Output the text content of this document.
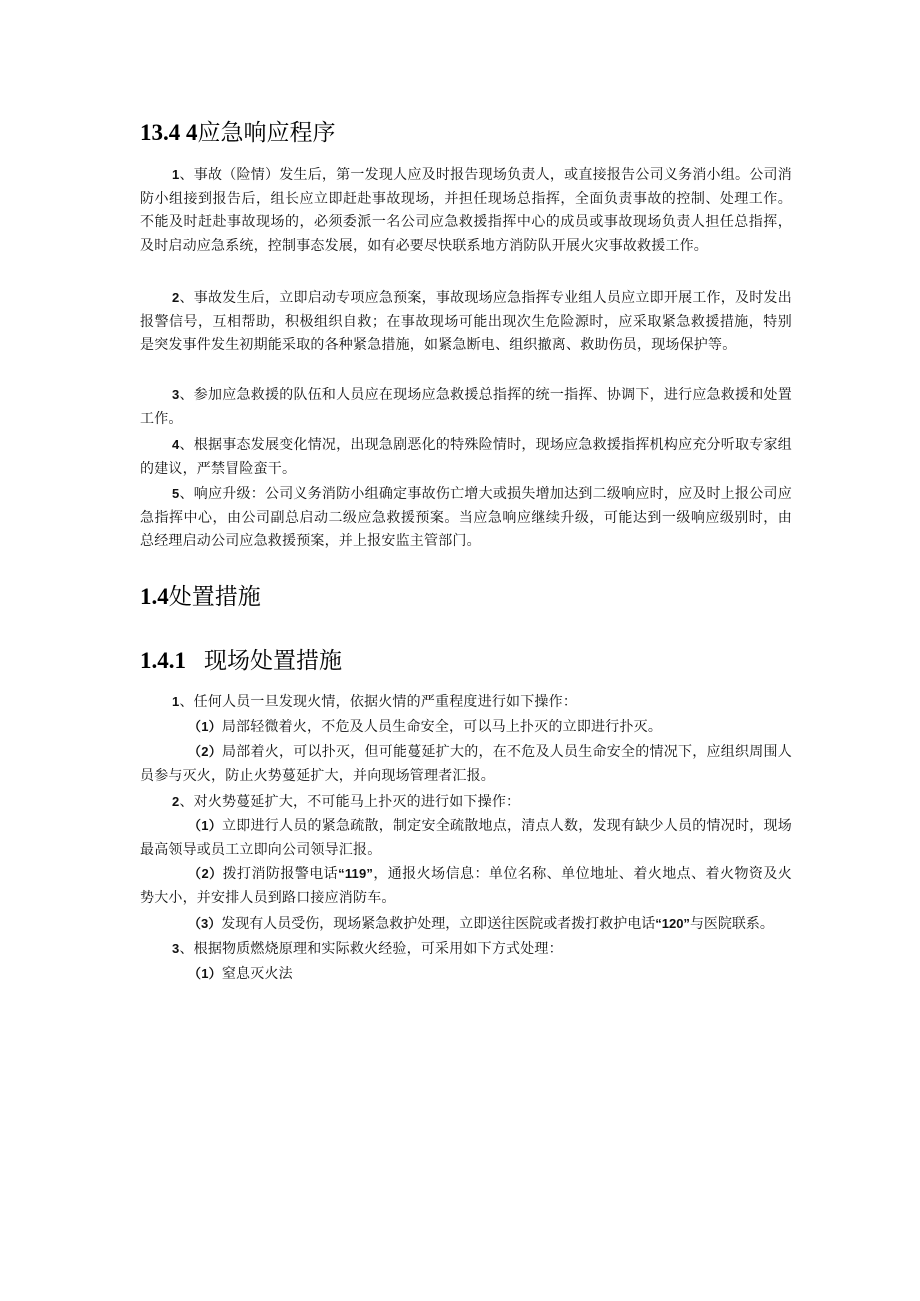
13.4 4应急响应程序

1、事故（险情）发生后，第一发现人应及时报告现场负责人，或直接报告公司义务消小组。公司消防小组接到报告后，组长应立即赶赴事故现场，并担任现场总指挥，全面负责事故的控制、处理工作。不能及时赶赴事故现场的，必须委派一名公司应急救援指挥中心的成员或事故现场负责人担任总指挥，及时启动应急系统，控制事态发展，如有必要尽快联系地方消防队开展火灾事故救援工作。

2、事故发生后，立即启动专项应急预案，事故现场应急指挥专业组人员应立即开展工作，及时发出报警信号，互相帮助，积极组织自救；在事故现场可能出现次生危险源时，应采取紧急救援措施，特别是突发事件发生初期能采取的各种紧急措施，如紧急断电、组织撤离、救助伤员，现场保护等。

3、参加应急救援的队伍和人员应在现场应急救援总指挥的统一指挥、协调下，进行应急救援和处置工作。

4、根据事态发展变化情况，出现急剧恶化的特殊险情时，现场应急救援指挥机构应充分听取专家组的建议，严禁冒险蛮干。

5、响应升级：公司义务消防小组确定事故伤亡增大或损失增加达到二级响应时，应及时上报公司应急指挥中心，由公司副总启动二级应急救援预案。当应急响应继续升级，可能达到一级响应级别时，由总经理启动公司应急救援预案，并上报安监主管部门。

1.4处置措施
1.4.1 现场处置措施

1、任何人员一旦发现火情，依据火情的严重程度进行如下操作：

（1）局部轻微着火，不危及人员生命安全，可以马上扑灭的立即进行扑灭。

（2）局部着火，可以扑灭，但可能蔓延扩大的，在不危及人员生命安全的情况下，应组织周围人员参与灭火，防止火势蔓延扩大，并向现场管理者汇报。

2、对火势蔓延扩大，不可能马上扑灭的进行如下操作：

（1）立即进行人员的紧急疏散，制定安全疏散地点，清点人数，发现有缺少人员的情况时，现场最高领导或员工立即向公司领导汇报。

（2）拨打消防报警电话“119”，通报火场信息：单位名称、单位地址、着火地点、着火物资及火势大小，并安排人员到路口接应消防车。

（3）发现有人员受伤，现场紧急救护处理，立即送往医院或者拨打救护电话“120”与医院联系。

3、根据物质燃烧原理和实际救火经验，可采用如下方式处理：

（1）窒息灭火法
